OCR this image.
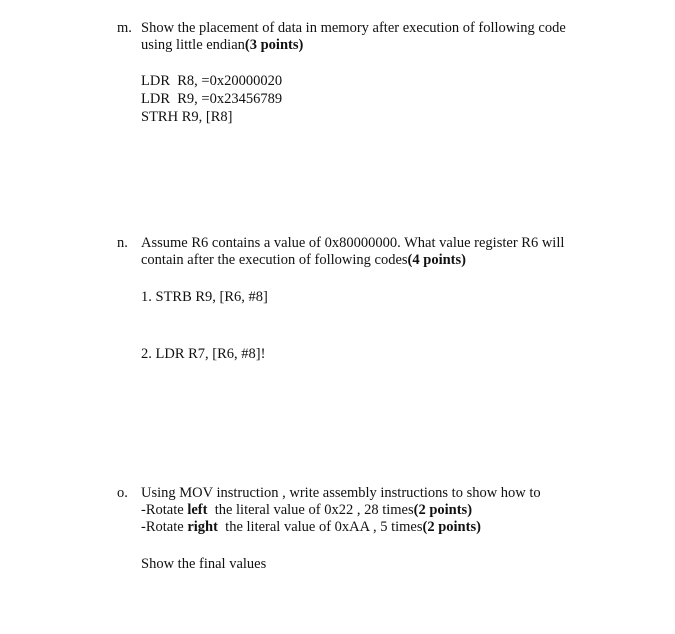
m. Show the placement of data in memory after execution of following code
using little endian(3 points)
LDR  R8, =0x20000020
LDR  R9, =0x23456789
STRH R9, [R8]
n. Assume R6 contains a value of 0x80000000. What value register R6 will
contain after the execution of following codes(4 points)
1. STRB R9, [R6, #8]
2. LDR R7, [R6, #8]!
o. Using MOV instruction , write assembly instructions to show how to
-Rotate left  the literal value of 0x22 , 28 times(2 points)
-Rotate right  the literal value of 0xAA , 5 times(2 points)
Show the final values
